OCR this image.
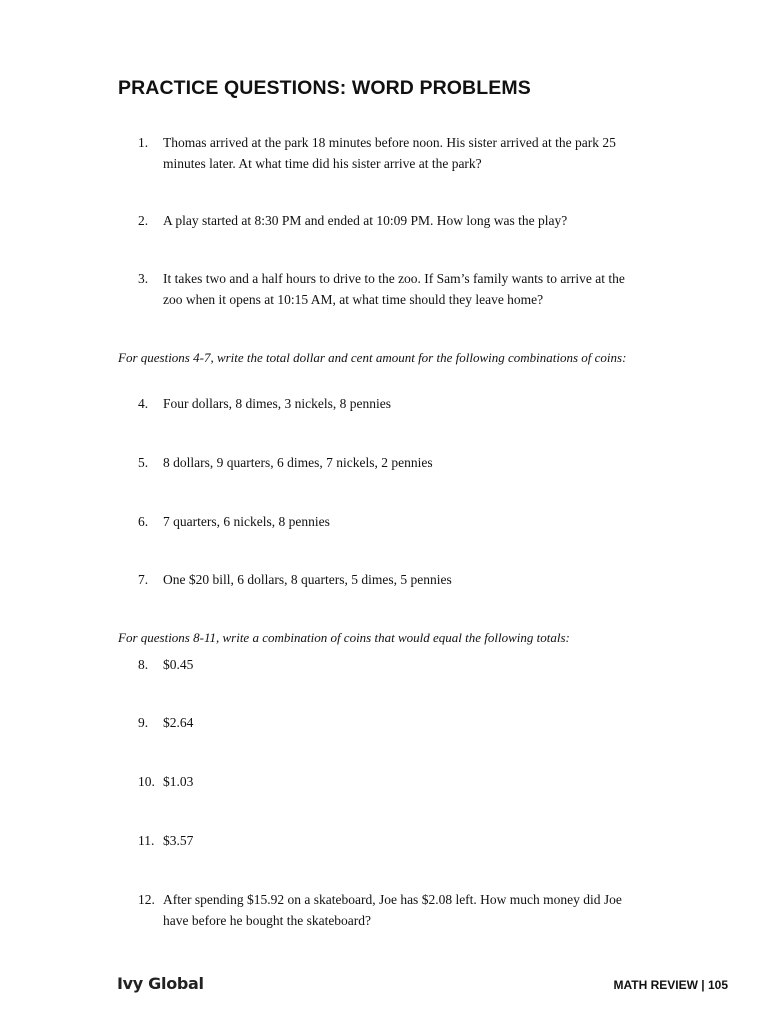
PRACTICE QUESTIONS: WORD PROBLEMS
1.	Thomas arrived at the park 18 minutes before noon. His sister arrived at the park 25 minutes later. At what time did his sister arrive at the park?
2.	A play started at 8:30 PM and ended at 10:09 PM. How long was the play?
3.	It takes two and a half hours to drive to the zoo. If Sam’s family wants to arrive at the zoo when it opens at 10:15 AM, at what time should they leave home?
For questions 4-7, write the total dollar and cent amount for the following combinations of coins:
4.	Four dollars, 8 dimes, 3 nickels, 8 pennies
5.	8 dollars, 9 quarters, 6 dimes, 7 nickels, 2 pennies
6.	7 quarters, 6 nickels, 8 pennies
7.	One $20 bill, 6 dollars, 8 quarters, 5 dimes, 5 pennies
For questions 8-11, write a combination of coins that would equal the following totals:
8.	$0.45
9.	$2.64
10. $1.03
11. $3.57
12. After spending $15.92 on a skateboard, Joe has $2.08 left. How much money did Joe have before he bought the skateboard?
Ivy Global	MATH REVIEW | 105
